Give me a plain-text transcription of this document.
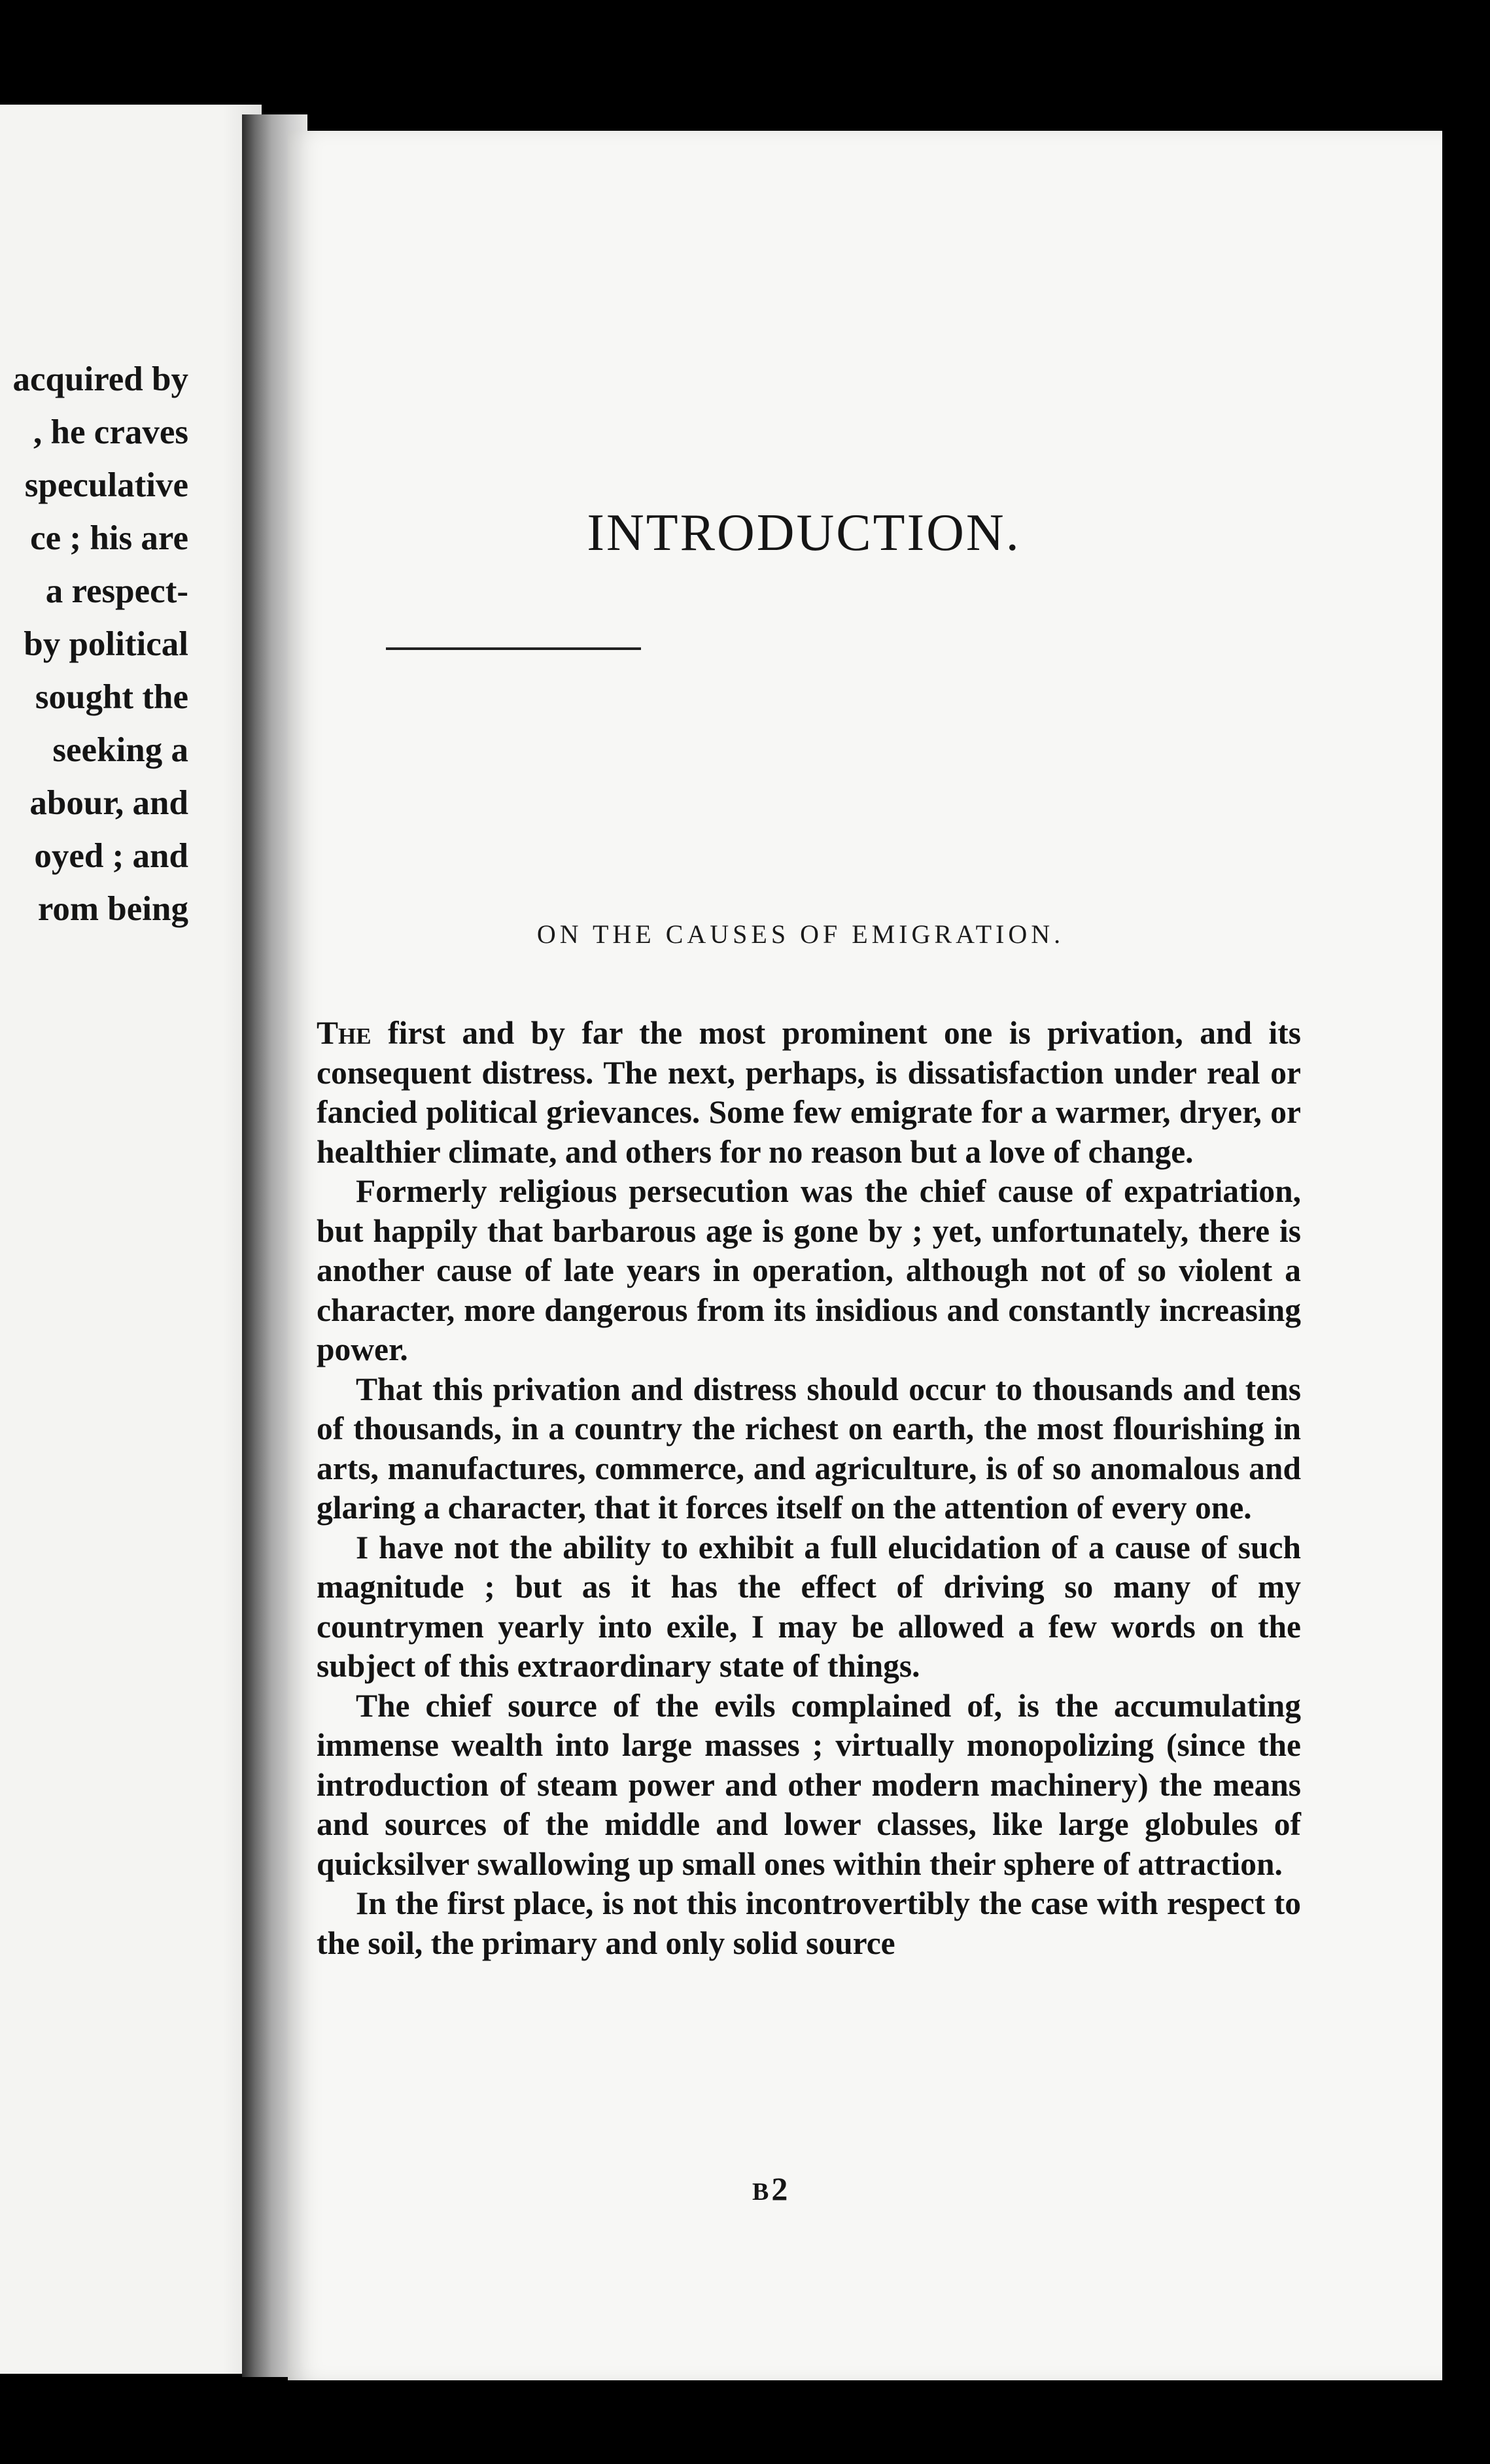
acquired by
, he craves
speculative
ce ; his are
a respect-
by political
sought the
seeking a
abour, and
oyed ; and
rom being
INTRODUCTION.
ON THE CAUSES OF EMIGRATION.

The first and by far the most prominent one is privation, and its consequent distress. The next, perhaps, is dissatisfaction under real or fancied political grievances. Some few emigrate for a warmer, dryer, or healthier climate, and others for no reason but a love of change.

Formerly religious persecution was the chief cause of expatriation, but happily that barbarous age is gone by ; yet, unfortunately, there is another cause of late years in operation, although not of so violent a character, more dangerous from its insidious and constantly increasing power.

That this privation and distress should occur to thousands and tens of thousands, in a country the richest on earth, the most flourishing in arts, manufactures, commerce, and agriculture, is of so anomalous and glaring a character, that it forces itself on the attention of every one.

I have not the ability to exhibit a full elucidation of a cause of such magnitude ; but as it has the effect of driving so many of my countrymen yearly into exile, I may be allowed a few words on the subject of this extraordinary state of things.

The chief source of the evils complained of, is the accumulating immense wealth into large masses ; virtually monopolizing (since the introduction of steam power and other modern machinery) the means and sources of the middle and lower classes, like large globules of quicksilver swallowing up small ones within their sphere of attraction.

In the first place, is not this incontrovertibly the case with respect to the soil, the primary and only solid source

B2
